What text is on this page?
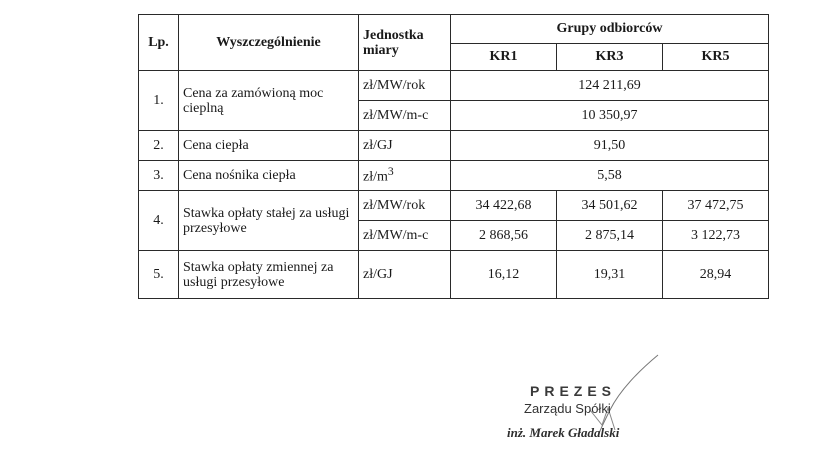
Lp.	Wyszczególnienie	Jednostka miary	Grupy odbiorców		
			KR1	KR3	KR5
1.	Cena za zamówioną moc cieplną	zł/MW/rok	124 211,69		
		zł/MW/m-c	10 350,97		
2.	Cena ciepła	zł/GJ	91,50		
3.	Cena nośnika ciepła	$zł/m^3$	5,58		
4.	Stawka opłaty stałej za usługi przesyłowe	zł/MW/rok	34 422,68	34 501,62	37 472,75
		zł/MW/m-c	2 868,56	2 875,14	3 122,73
5.	Stawka opłaty zmiennej za usługi przesyłowe	zł/GJ	16,12	19,31	28,94
PREZES
Zarządu Spółki
inż. Marek Gładalski
